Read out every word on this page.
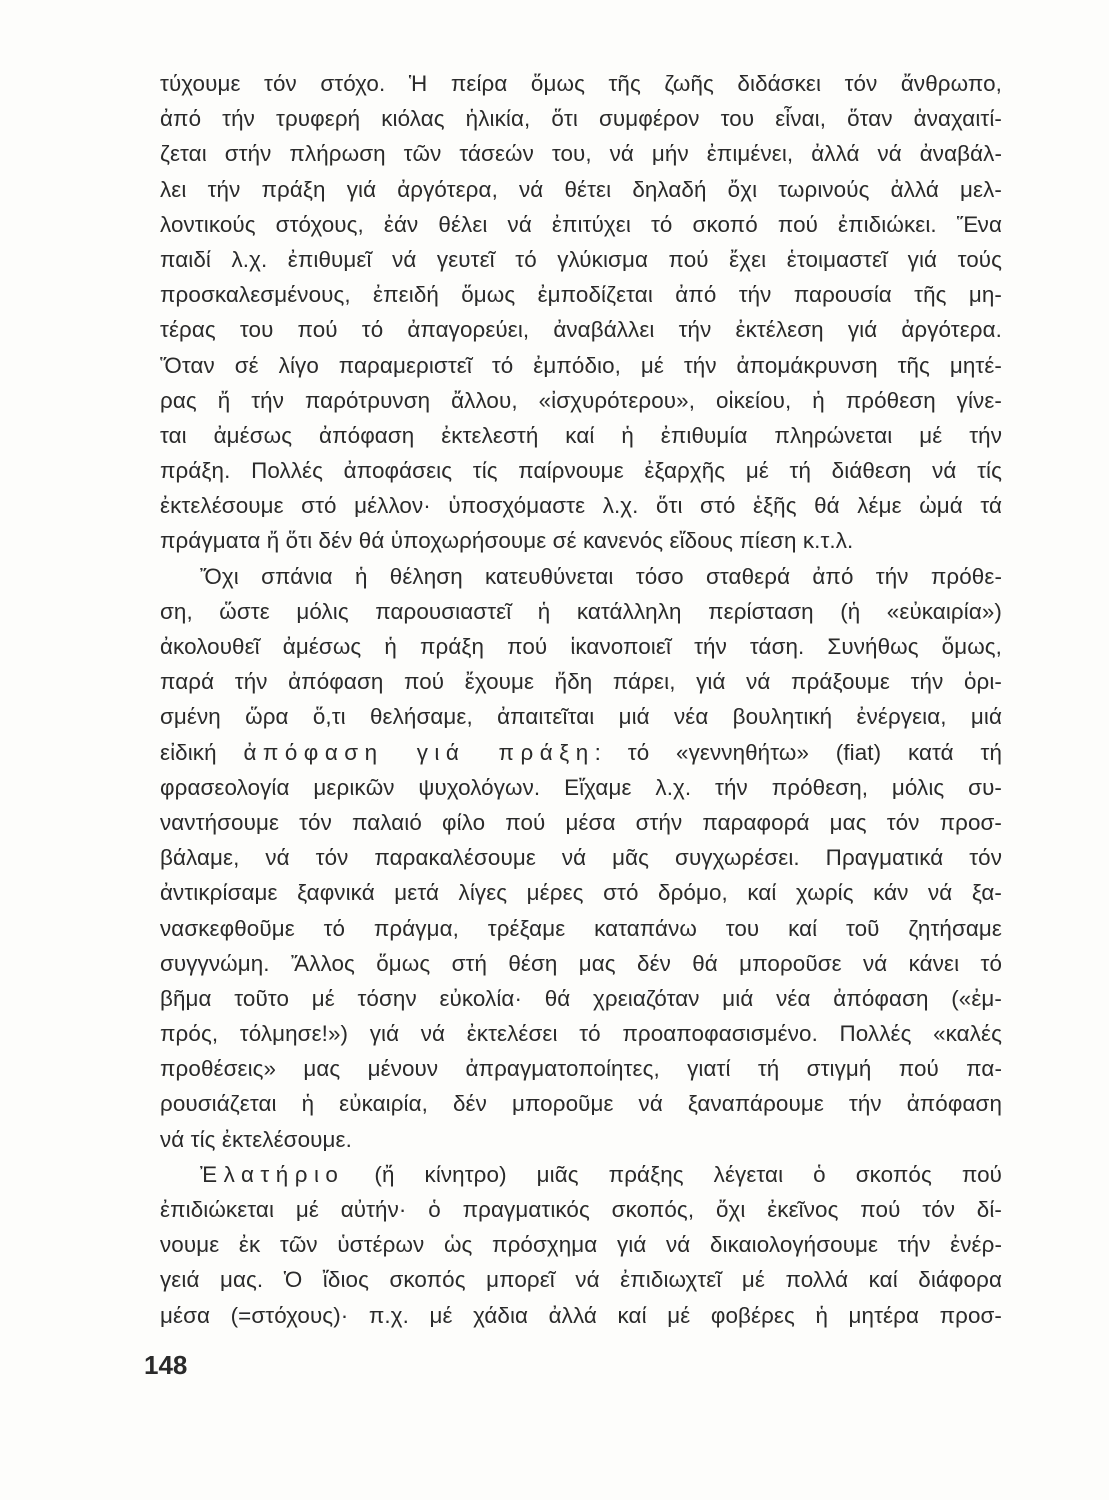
τύχουμε τόν στόχο. Ἡ πείρα ὅμως τῆς ζωῆς διδάσκει τόν ἄνθρωπο,
ἀπό τήν τρυφερή κιόλας ἡλικία, ὅτι συμφέρον του εἶναι, ὅταν ἀναχαιτί-
ζεται στήν πλήρωση τῶν τάσεών του, νά μήν ἐπιμένει, ἀλλά νά ἀναβάλ-
λει τήν πράξη γιά ἀργότερα, νά θέτει δηλαδή ὄχι τωρινούς ἀλλά μελ-
λοντικούς στόχους, ἐάν θέλει νά ἐπιτύχει τό σκοπό πού ἐπιδιώκει. Ἕνα
παιδί λ.χ. ἐπιθυμεῖ νά γευτεῖ τό γλύκισμα πού ἔχει ἑτοιμαστεῖ γιά τούς
προσκαλεσμένους, ἐπειδή ὅμως ἐμποδίζεται ἀπό τήν παρουσία τῆς μη-
τέρας του πού τό ἀπαγορεύει, ἀναβάλλει τήν ἐκτέλεση γιά ἀργότερα.
Ὅταν σέ λίγο παραμεριστεῖ τό ἐμπόδιο, μέ τήν ἀπομάκρυνση τῆς μητέ-
ρας ἤ τήν παρότρυνση ἄλλου, «ἰσχυρότερου», οἰκείου, ἡ πρόθεση γίνε-
ται ἀμέσως ἀπόφαση ἐκτελεστή καί ἡ ἐπιθυμία πληρώνεται μέ τήν
πράξη. Πολλές ἀποφάσεις τίς παίρνουμε ἐξαρχῆς μέ τή διάθεση νά τίς
ἐκτελέσουμε στό μέλλον· ὑποσχόμαστε λ.χ. ὅτι στό ἑξῆς θά λέμε ὠμά τά
πράγματα ἤ ὅτι δέν θά ὑποχωρήσουμε σέ κανενός εἴδους πίεση κ.τ.λ.
Ὄχι σπάνια ἡ θέληση κατευθύνεται τόσο σταθερά ἀπό τήν πρόθε-
ση, ὥστε μόλις παρουσιαστεῖ ἡ κατάλληλη περίσταση (ἡ «εὐκαιρία»)
ἀκολουθεῖ ἀμέσως ἡ πράξη πού ἱκανοποιεῖ τήν τάση. Συνήθως ὅμως,
παρά τήν ἀπόφαση πού ἔχουμε ἤδη πάρει, γιά νά πράξουμε τήν ὁρι-
σμένη ὥρα ὅ,τι θελήσαμε, ἀπαιτεῖται μιά νέα βουλητική ἐνέργεια, μιά
εἰδική ἀπόφαση γιά πράξη: τό «γεννηθήτω» (fiat) κατά τή
φρασεολογία μερικῶν ψυχολόγων. Εἴχαμε λ.χ. τήν πρόθεση, μόλις συ-
ναντήσουμε τόν παλαιό φίλο πού μέσα στήν παραφορά μας τόν προσ-
βάλαμε, νά τόν παρακαλέσουμε νά μᾶς συγχωρέσει. Πραγματικά τόν
ἀντικρίσαμε ξαφνικά μετά λίγες μέρες στό δρόμο, καί χωρίς κάν νά ξα-
νασκεφθοῦμε τό πράγμα, τρέξαμε καταπάνω του καί τοῦ ζητήσαμε
συγγνώμη. Ἄλλος ὅμως στή θέση μας δέν θά μποροῦσε νά κάνει τό
βῆμα τοῦτο μέ τόσην εὐκολία· θά χρειαζόταν μιά νέα ἀπόφαση («ἐμ-
πρός, τόλμησε!») γιά νά ἐκτελέσει τό προαποφασισμένο. Πολλές «καλές
προθέσεις» μας μένουν ἀπραγματοποίητες, γιατί τή στιγμή πού πα-
ρουσιάζεται ἡ εὐκαιρία, δέν μποροῦμε νά ξαναπάρουμε τήν ἀπόφαση
νά τίς ἐκτελέσουμε.
Ἐλατήριο (ἤ κίνητρο) μιᾶς πράξης λέγεται ὁ σκοπός πού
ἐπιδιώκεται μέ αὐτήν· ὁ πραγματικός σκοπός, ὄχι ἐκεῖνος πού τόν δί-
νουμε ἐκ τῶν ὑστέρων ὡς πρόσχημα γιά νά δικαιολογήσουμε τήν ἐνέρ-
γειά μας. Ὁ ἴδιος σκοπός μπορεῖ νά ἐπιδιωχτεῖ μέ πολλά καί διάφορα
μέσα (=στόχους)· π.χ. μέ χάδια ἀλλά καί μέ φοβέρες ἡ μητέρα προσ-
148
